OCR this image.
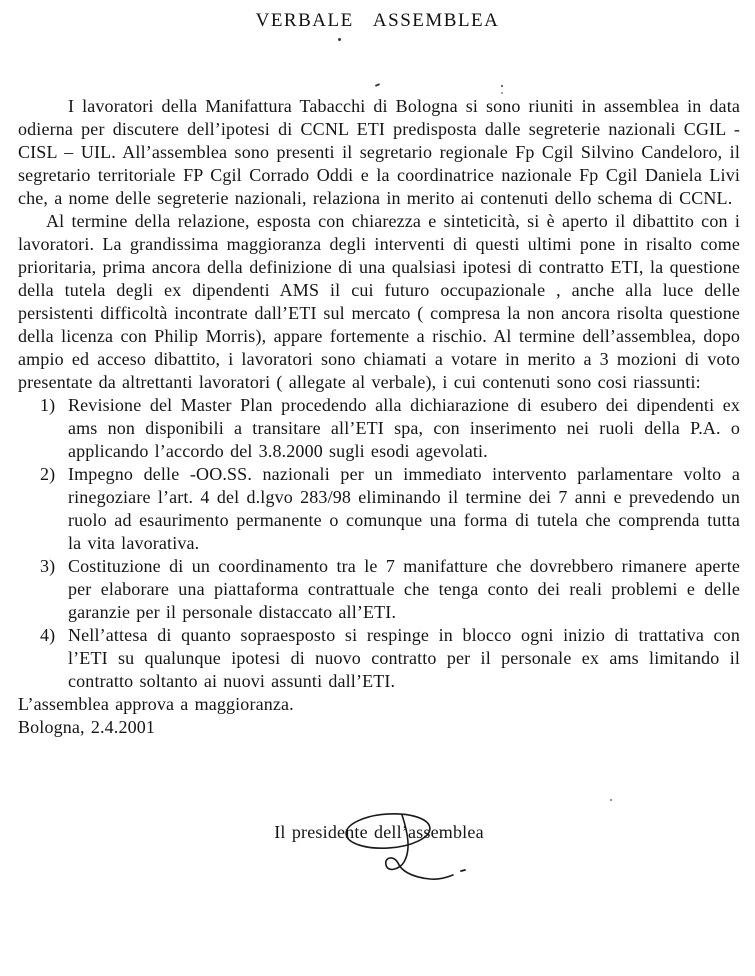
VERBALE ASSEMBLEA

I lavoratori della Manifattura Tabacchi di Bologna si sono riuniti in assemblea in data odierna per discutere dell’ipotesi di CCNL ETI predisposta dalle segreterie nazionali CGIL - CISL – UIL. All’assemblea sono presenti il segretario regionale Fp Cgil Silvino Candeloro, il segretario territoriale FP Cgil Corrado Oddi e la coordinatrice nazionale Fp Cgil Daniela Livi che, a nome delle segreterie nazionali, relaziona in merito ai contenuti dello schema di CCNL.

Al termine della relazione, esposta con chiarezza e sinteticità, si è aperto il dibattito con i lavoratori. La grandissima maggioranza degli interventi di questi ultimi pone in risalto come prioritaria, prima ancora della definizione di una qualsiasi ipotesi di contratto ETI, la questione della tutela degli ex dipendenti AMS il cui futuro occupazionale , anche alla luce delle persistenti difficoltà incontrate dall’ETI sul mercato ( compresa la non ancora risolta questione della licenza con Philip Morris), appare fortemente a rischio. Al termine dell’assemblea, dopo ampio ed acceso dibattito, i lavoratori sono chiamati a votare in merito a 3 mozioni di voto presentate da altrettanti lavoratori ( allegate al verbale), i cui contenuti sono cosi riassunti:

1) Revisione del Master Plan procedendo alla dichiarazione di esubero dei dipendenti ex ams non disponibili a transitare all’ETI spa, con inserimento nei ruoli della P.A. o applicando l’accordo del 3.8.2000 sugli esodi agevolati.
2) Impegno delle -OO.SS. nazionali per un immediato intervento parlamentare volto a rinegoziare l’art. 4 del d.lgvo 283/98 eliminando il termine dei 7 anni e prevedendo un ruolo ad esaurimento permanente o comunque una forma di tutela che comprenda tutta la vita lavorativa.
3) Costituzione di un coordinamento tra le 7 manifatture che dovrebbero rimanere aperte per elaborare una piattaforma contrattuale che tenga conto dei reali problemi e delle garanzie per il personale distaccato all’ETI.
4) Nell’attesa di quanto sopraesposto si respinge in blocco ogni inizio di trattativa con l’ETI su qualunque ipotesi di nuovo contratto per il personale ex ams limitando il contratto soltanto ai nuovi assunti dall’ETI.

L’assemblea approva a maggioranza.

Bologna, 2.4.2001

Il presidente dell’assemblea
